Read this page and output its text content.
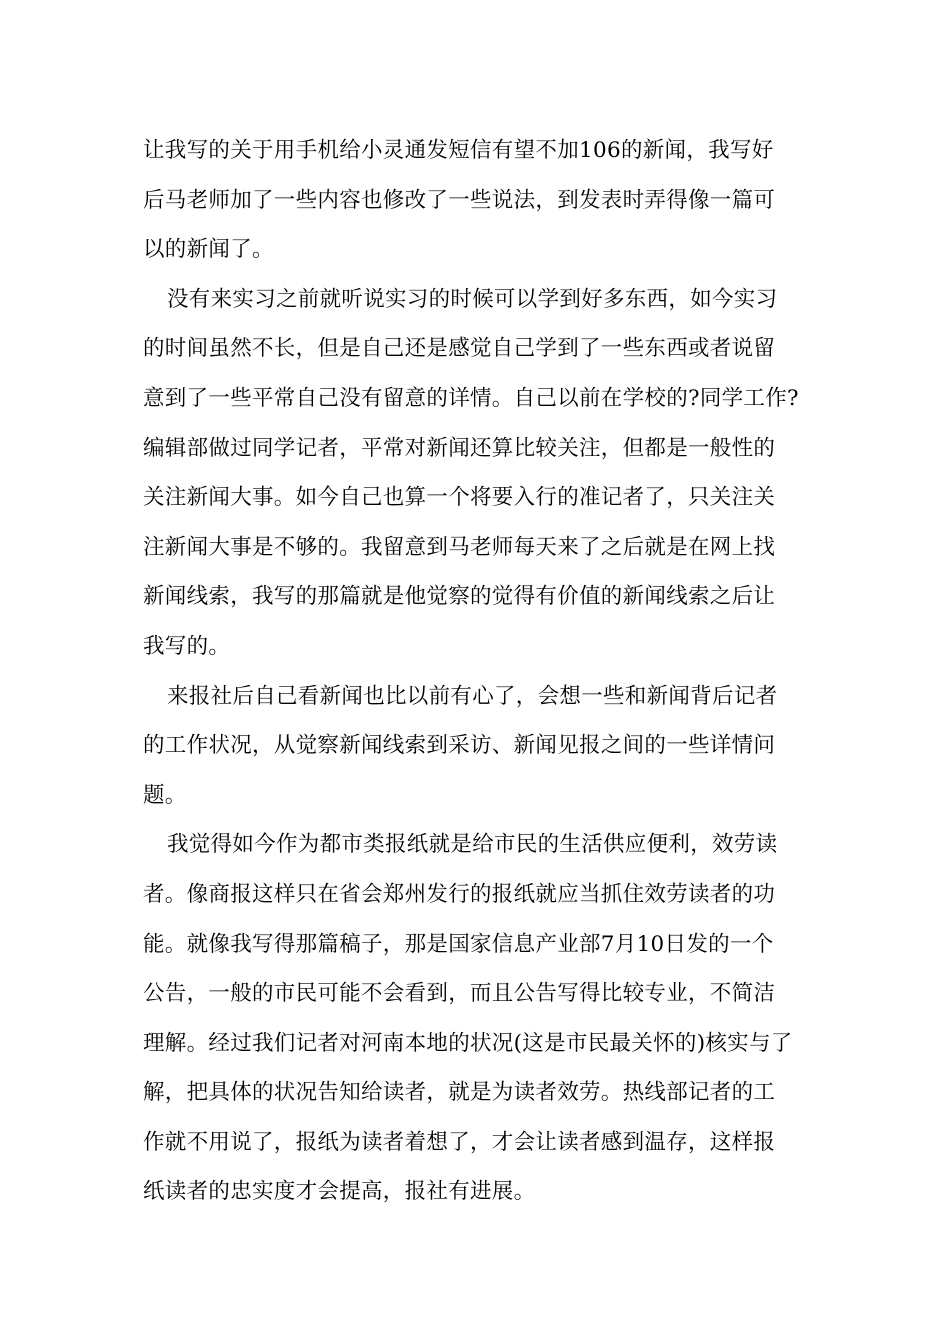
让我写的关于用手机给小灵通发短信有望不加106的新闻，我写好
后马老师加了一些内容也修改了一些说法，到发表时弄得像一篇可
以的新闻了。

没有来实习之前就听说实习的时候可以学到好多东西，如今实习
的时间虽然不长，但是自己还是感觉自己学到了一些东西或者说留
意到了一些平常自己没有留意的详情。自己以前在学校的?同学工作?
编辑部做过同学记者，平常对新闻还算比较关注，但都是一般性的
关注新闻大事。如今自己也算一个将要入行的准记者了，只关注关
注新闻大事是不够的。我留意到马老师每天来了之后就是在网上找
新闻线索，我写的那篇就是他觉察的觉得有价值的新闻线索之后让
我写的。

来报社后自己看新闻也比以前有心了，会想一些和新闻背后记者
的工作状况，从觉察新闻线索到采访、新闻见报之间的一些详情问
题。

我觉得如今作为都市类报纸就是给市民的生活供应便利，效劳读
者。像商报这样只在省会郑州发行的报纸就应当抓住效劳读者的功
能。就像我写得那篇稿子，那是国家信息产业部7月10日发的一个
公告，一般的市民可能不会看到，而且公告写得比较专业，不简洁
理解。经过我们记者对河南本地的状况(这是市民最关怀的)核实与了
解，把具体的状况告知给读者，就是为读者效劳。热线部记者的工
作就不用说了，报纸为读者着想了，才会让读者感到温存，这样报
纸读者的忠实度才会提高，报社有进展。
